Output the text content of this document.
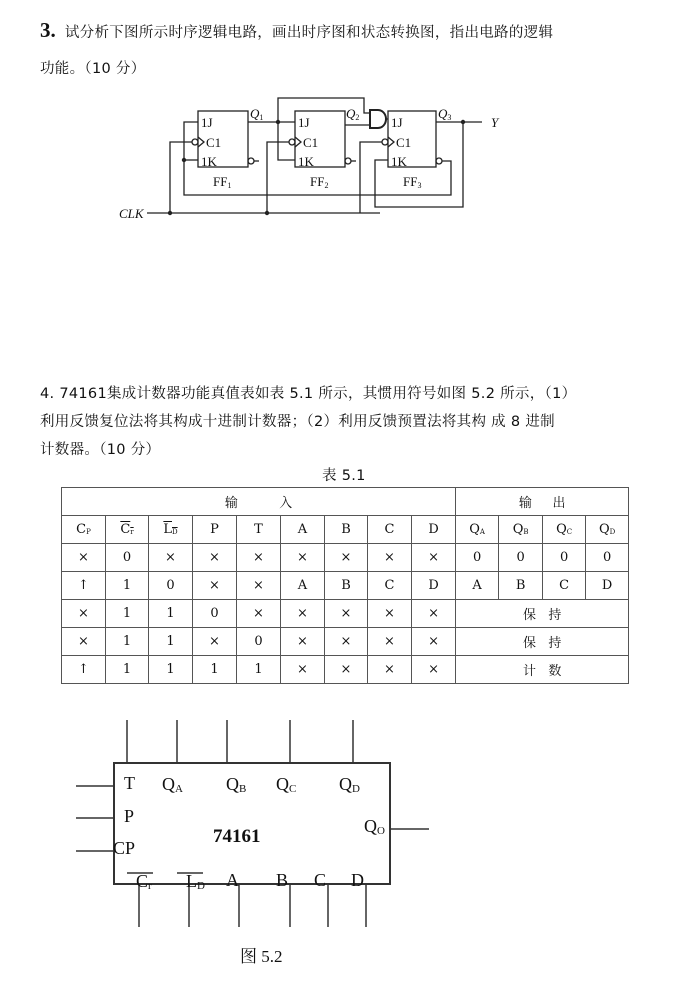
3. 试分析下图所示时序逻辑电路，画出时序图和状态转换图，指出电路的逻辑
功能。（10 分）
1J
C1
1K
1J
C1
1K
1J
C1
1K
FF1	FF2	FF3
Q1	Q2	Q3
CLK
Y
4. 74161集成计数器功能真值表如表 5.1 所示，其惯用符号如图 5.2 所示，（1）
利用反馈复位法将其构成十进制计数器；（2）利用反馈预置法将其构 成 8 进制
计数器。（10 分）
表 5.1
输          入									输     出			
CP	$\overline{C}\overline{r}$	$\overline{L}\overline{D}$	P	T	A	B	C	D	QA	QB	QC	QD
×	0	×	×	×	×	×	×	×	0	0	0	0
↑	1	0	×	×	A	B	C	D	A	B	C	D
×	1	1	0	×	×	×	×	×	保   持			
×	1	1	×	0	×	×	×	×	保   持			
↑	1	1	1	1	×	×	×	×	计   数			
T
P
CP
QA QB QC QD
QO
74161
Cr LD A B C D
图 5.2
